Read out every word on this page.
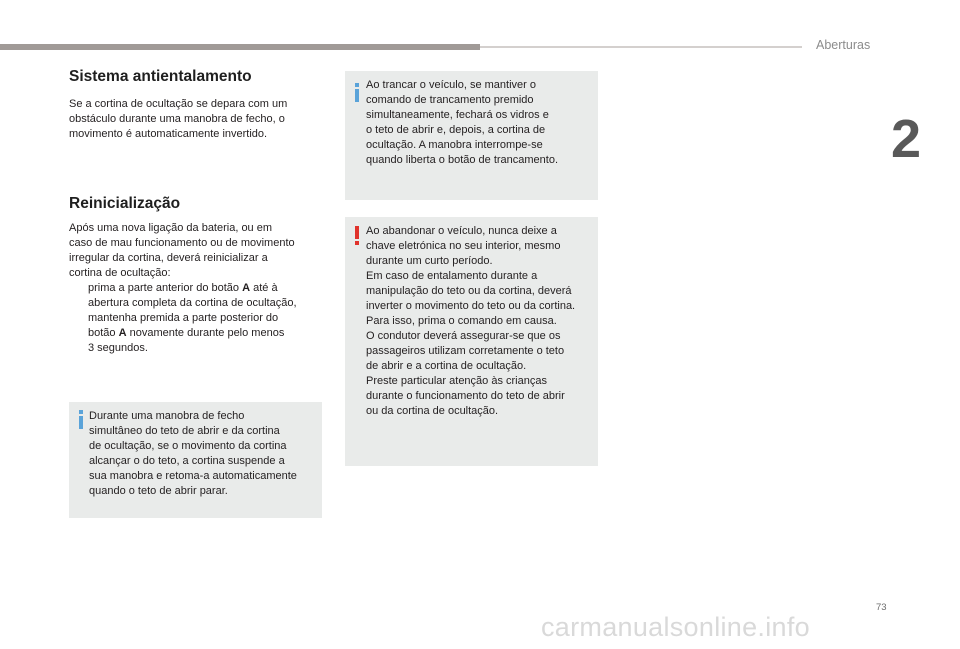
Aberturas
2
Sistema antientalamento
Se a cortina de ocultação se depara com um
obstáculo durante uma manobra de fecho, o
movimento é automaticamente invertido.
Reinicialização
Após uma nova ligação da bateria, ou em
caso de mau funcionamento ou de movimento
irregular da cortina, deverá reinicializar a
cortina de ocultação:
prima a parte anterior do botão A até à
abertura completa da cortina de ocultação,
mantenha premida a parte posterior do
botão A novamente durante pelo menos
3 segundos.
Durante uma manobra de fecho
simultâneo do teto de abrir e da cortina
de ocultação, se o movimento da cortina
alcançar o do teto, a cortina suspende a
sua manobra e retoma-a automaticamente
quando o teto de abrir parar.
Ao trancar o veículo, se mantiver o
comando de trancamento premido
simultaneamente, fechará os vidros e
o teto de abrir e, depois, a cortina de
ocultação. A manobra interrompe-se
quando liberta o botão de trancamento.
Ao abandonar o veículo, nunca deixe a
chave eletrónica no seu interior, mesmo
durante um curto período.
Em caso de entalamento durante a
manipulação do teto ou da cortina, deverá
inverter o movimento do teto ou da cortina.
Para isso, prima o comando em causa.
O condutor deverá assegurar-se que os
passageiros utilizam corretamente o teto
de abrir e a cortina de ocultação.
Preste particular atenção às crianças
durante o funcionamento do teto de abrir
ou da cortina de ocultação.
73
carmanualsonline.info
